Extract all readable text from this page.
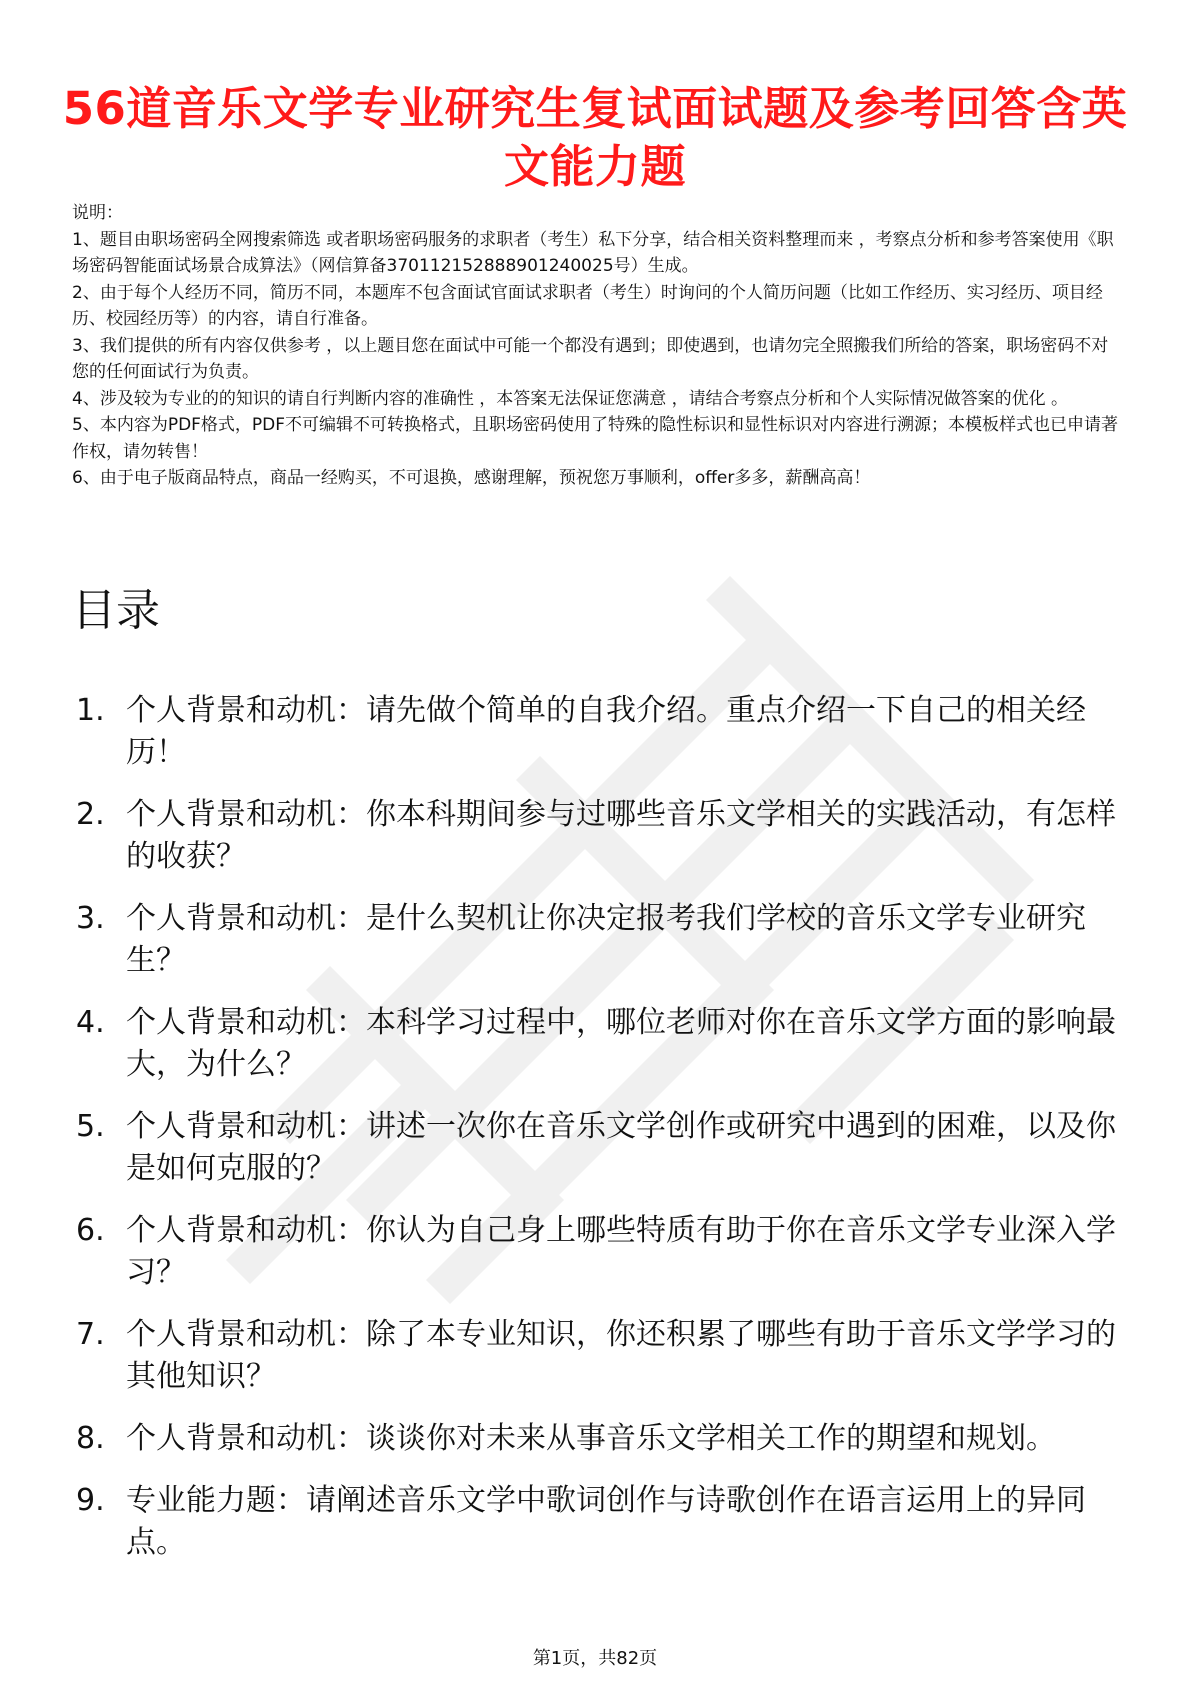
56道音乐文学专业研究生复试面试题及参考回答含英文能力题

说明：

1、题目由职场密码全网搜索筛选 或者职场密码服务的求职者（考生）私下分享，结合相关资料整理而来 ，考察点分析和参考答案使用《职场密码智能面试场景合成算法》（网信算备370112152888901240025号）生成。

2、由于每个人经历不同，简历不同，本题库不包含面试官面试求职者（考生）时询问的个人简历问题（比如工作经历、实习经历、项目经历、校园经历等）的内容，请自行准备。

3、我们提供的所有内容仅供参考 ，以上题目您在面试中可能一个都没有遇到；即使遇到，也请勿完全照搬我们所给的答案，职场密码不对您的任何面试行为负责。

4、涉及较为专业的的知识的请自行判断内容的准确性 ，本答案无法保证您满意 ，请结合考察点分析和个人实际情况做答案的优化 。

5、本内容为PDF格式，PDF不可编辑不可转换格式，且职场密码使用了特殊的隐性标识和显性标识对内容进行溯源；本模板样式也已申请著作权，请勿转售！

6、由于电子版商品特点，商品一经购买，不可退换，感谢理解，预祝您万事顺利，offer多多，薪酬高高！

目录
1. 个人背景和动机：请先做个简单的自我介绍。重点介绍一下自己的相关经历！
2. 个人背景和动机：你本科期间参与过哪些音乐文学相关的实践活动，有怎样的收获？
3. 个人背景和动机：是什么契机让你决定报考我们学校的音乐文学专业研究生？
4. 个人背景和动机：本科学习过程中，哪位老师对你在音乐文学方面的影响最大，为什么？
5. 个人背景和动机：讲述一次你在音乐文学创作或研究中遇到的困难，以及你是如何克服的？
6. 个人背景和动机：你认为自己身上哪些特质有助于你在音乐文学专业深入学习？
7. 个人背景和动机：除了本专业知识，你还积累了哪些有助于音乐文学学习的其他知识？
8. 个人背景和动机：谈谈你对未来从事音乐文学相关工作的期望和规划。
9. 专业能力题：请阐述音乐文学中歌词创作与诗歌创作在语言运用上的异同点。
第1页，共82页
